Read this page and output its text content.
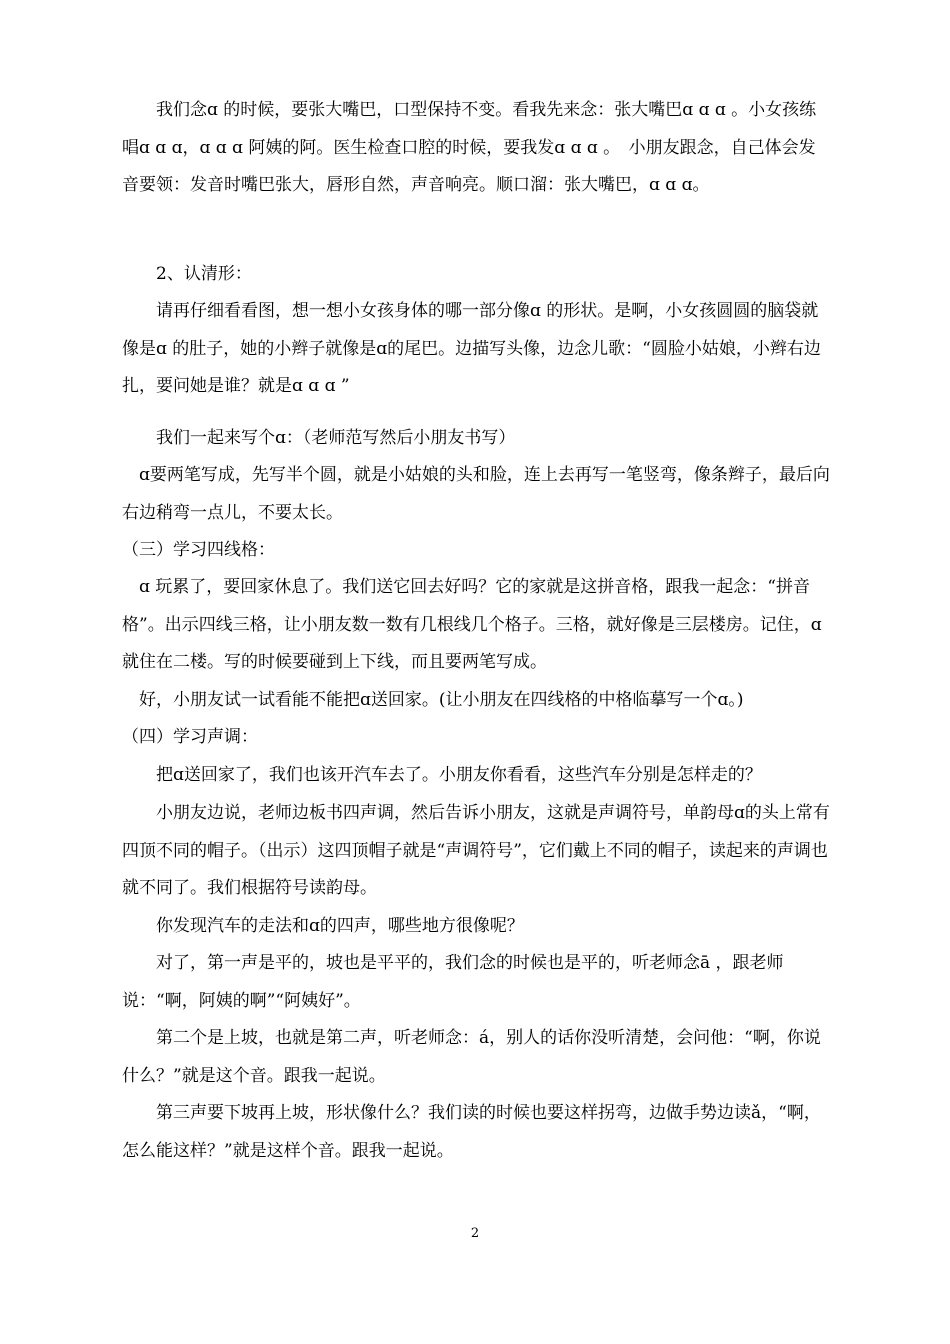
　　我们念ɑ 的时候，要张大嘴巴，口型保持不变。看我先来念：张大嘴巴ɑ ɑ ɑ 。小女孩练唱ɑ ɑ ɑ，ɑ ɑ ɑ 阿姨的阿。医生检查口腔的时候，要我发ɑ ɑ ɑ 。　小朋友跟念，自己体会发音要领：发音时嘴巴张大，唇形自然，声音响亮。顺口溜：张大嘴巴，ɑ ɑ ɑ。

　　2、认清形：

　　请再仔细看看图，想一想小女孩身体的哪一部分像ɑ 的形状。是啊，小女孩圆圆的脑袋就像是ɑ 的肚子，她的小辫子就像是ɑ的尾巴。边描写头像，边念儿歌：“圆脸小姑娘，小辫右边扎，要问她是谁？就是ɑ ɑ ɑ ”

　　我们一起来写个ɑ：（老师范写然后小朋友书写）

　ɑ要两笔写成，先写半个圆，就是小姑娘的头和脸，连上去再写一笔竖弯，像条辫子，最后向右边稍弯一点儿，不要太长。

（三）学习四线格：

　ɑ 玩累了，要回家休息了。我们送它回去好吗？它的家就是这拼音格，跟我一起念：“拼音格”。出示四线三格，让小朋友数一数有几根线几个格子。三格，就好像是三层楼房。记住，ɑ就住在二楼。写的时候要碰到上下线，而且要两笔写成。

　好，小朋友试一试看能不能把ɑ送回家。(让小朋友在四线格的中格临摹写一个ɑ。)

（四）学习声调：

　　把ɑ送回家了，我们也该开汽车去了。小朋友你看看，这些汽车分别是怎样走的？

　　小朋友边说，老师边板书四声调，然后告诉小朋友，这就是声调符号，单韵母ɑ的头上常有四顶不同的帽子。（出示）这四顶帽子就是“声调符号”，它们戴上不同的帽子，读起来的声调也就不同了。我们根据符号读韵母。

　　你发现汽车的走法和ɑ的四声，哪些地方很像呢？

　　对了，第一声是平的，坡也是平平的，我们念的时候也是平的，听老师念ā ，跟老师说：“啊，阿姨的啊”“阿姨好”。

　　第二个是上坡，也就是第二声，听老师念：á，别人的话你没听清楚，会问他：“啊，你说什么？”就是这个音。跟我一起说。

　　第三声要下坡再上坡，形状像什么？我们读的时候也要这样拐弯，边做手势边读ǎ，“啊，怎么能这样？”就是这样个音。跟我一起说。

2
